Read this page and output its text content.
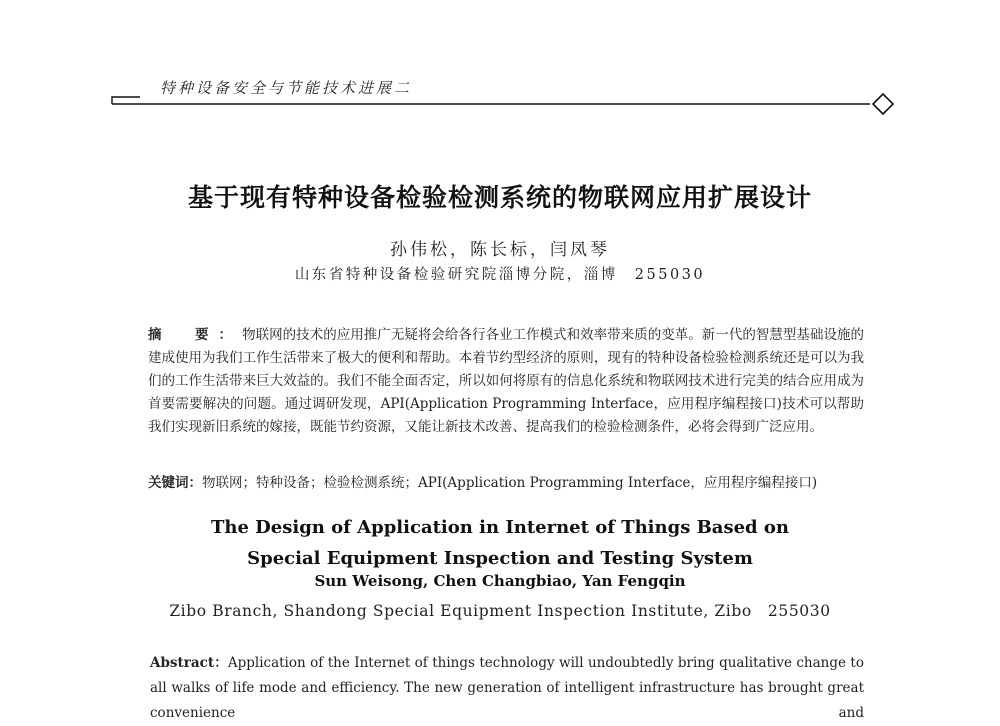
特种设备安全与节能技术进展二
基于现有特种设备检验检测系统的物联网应用扩展设计
孙伟松，陈长标，闫凤琴
山东省特种设备检验研究院淄博分院，淄博　255030
摘　要：物联网的技术的应用推广无疑将会给各行各业工作模式和效率带来质的变革。新一代的智慧型基础设施的建成使用为我们工作生活带来了极大的便利和帮助。本着节约型经济的原则，现有的特种设备检验检测系统还是可以为我们的工作生活带来巨大效益的。我们不能全面否定，所以如何将原有的信息化系统和物联网技术进行完美的结合应用成为首要需要解决的问题。通过调研发现，API(Application Programming Interface，应用程序编程接口)技术可以帮助我们实现新旧系统的嫁接，既能节约资源，又能让新技术改善、提高我们的检验检测条件，必将会得到广泛应用。
关键词：物联网；特种设备；检验检测系统；API(Application Programming Interface，应用程序编程接口)
The Design of Application in Internet of Things Based on
Special Equipment Inspection and Testing System
Sun Weisong, Chen Changbiao, Yan Fengqin
Zibo Branch, Shandong Special Equipment Inspection Institute, Zibo　255030
Abstract：Application of the Internet of things technology will undoubtedly bring qualitative change to all walks of life mode and efficiency. The new generation of intelligent infrastructure has brought great convenience and
